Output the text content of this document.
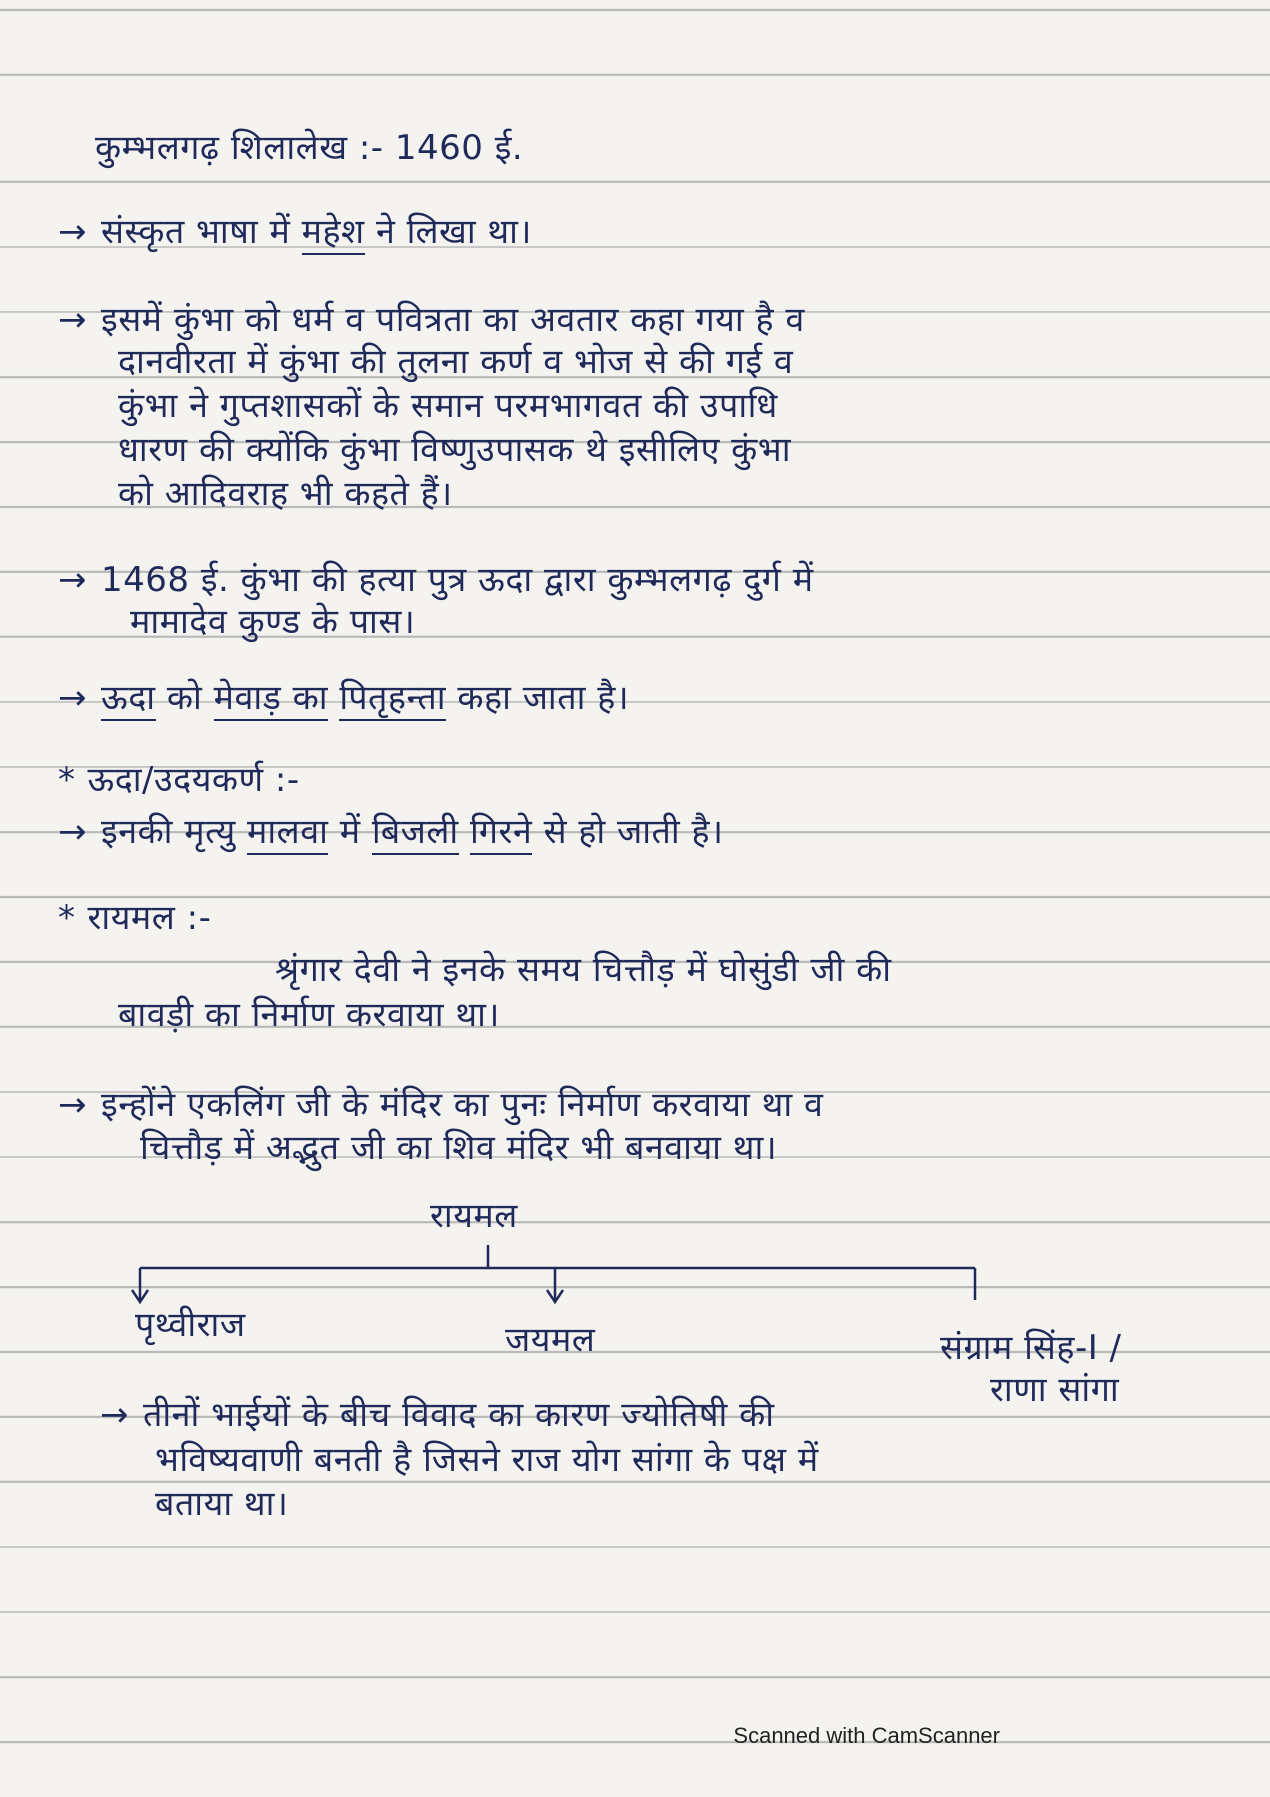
कुम्भलगढ़ शिलालेख :- 1460 ई.
→ संस्कृत भाषा में महेश ने लिखा था।
→ इसमें कुंभा को धर्म व पवित्रता का अवतार कहा गया है व
दानवीरता में कुंभा की तुलना कर्ण व भोज से की गई व
कुंभा ने गुप्तशासकों के समान परमभागवत की उपाधि
धारण की क्योंकि कुंभा विष्णुउपासक थे इसीलिए कुंभा
को आदिवराह भी कहते हैं।
→ 1468 ई. कुंभा की हत्या पुत्र ऊदा द्वारा कुम्भलगढ़ दुर्ग में
मामादेव कुण्ड के पास।
→ ऊदा को मेवाड़ का पितृहन्ता कहा जाता है।
* ऊदा/उदयकर्ण :-
→ इनकी मृत्यु मालवा में बिजली गिरने से हो जाती है।
* रायमल :-
श्रृंगार देवी ने इनके समय चित्तौड़ में घोसुंडी जी की
बावड़ी का निर्माण करवाया था।
→ इन्होंने एकलिंग जी के मंदिर का पुनः निर्माण करवाया था व
चित्तौड़ में अद्भुत जी का शिव मंदिर भी बनवाया था।
रायमल
पृथ्वीराज	जयमल	संग्राम सिंह-I /
राणा सांगा
→ तीनों भाईयों के बीच विवाद का कारण ज्योतिषी की
भविष्यवाणी बनती है जिसने राज योग सांगा के पक्ष में
बताया था।
Scanned with CamScanner
